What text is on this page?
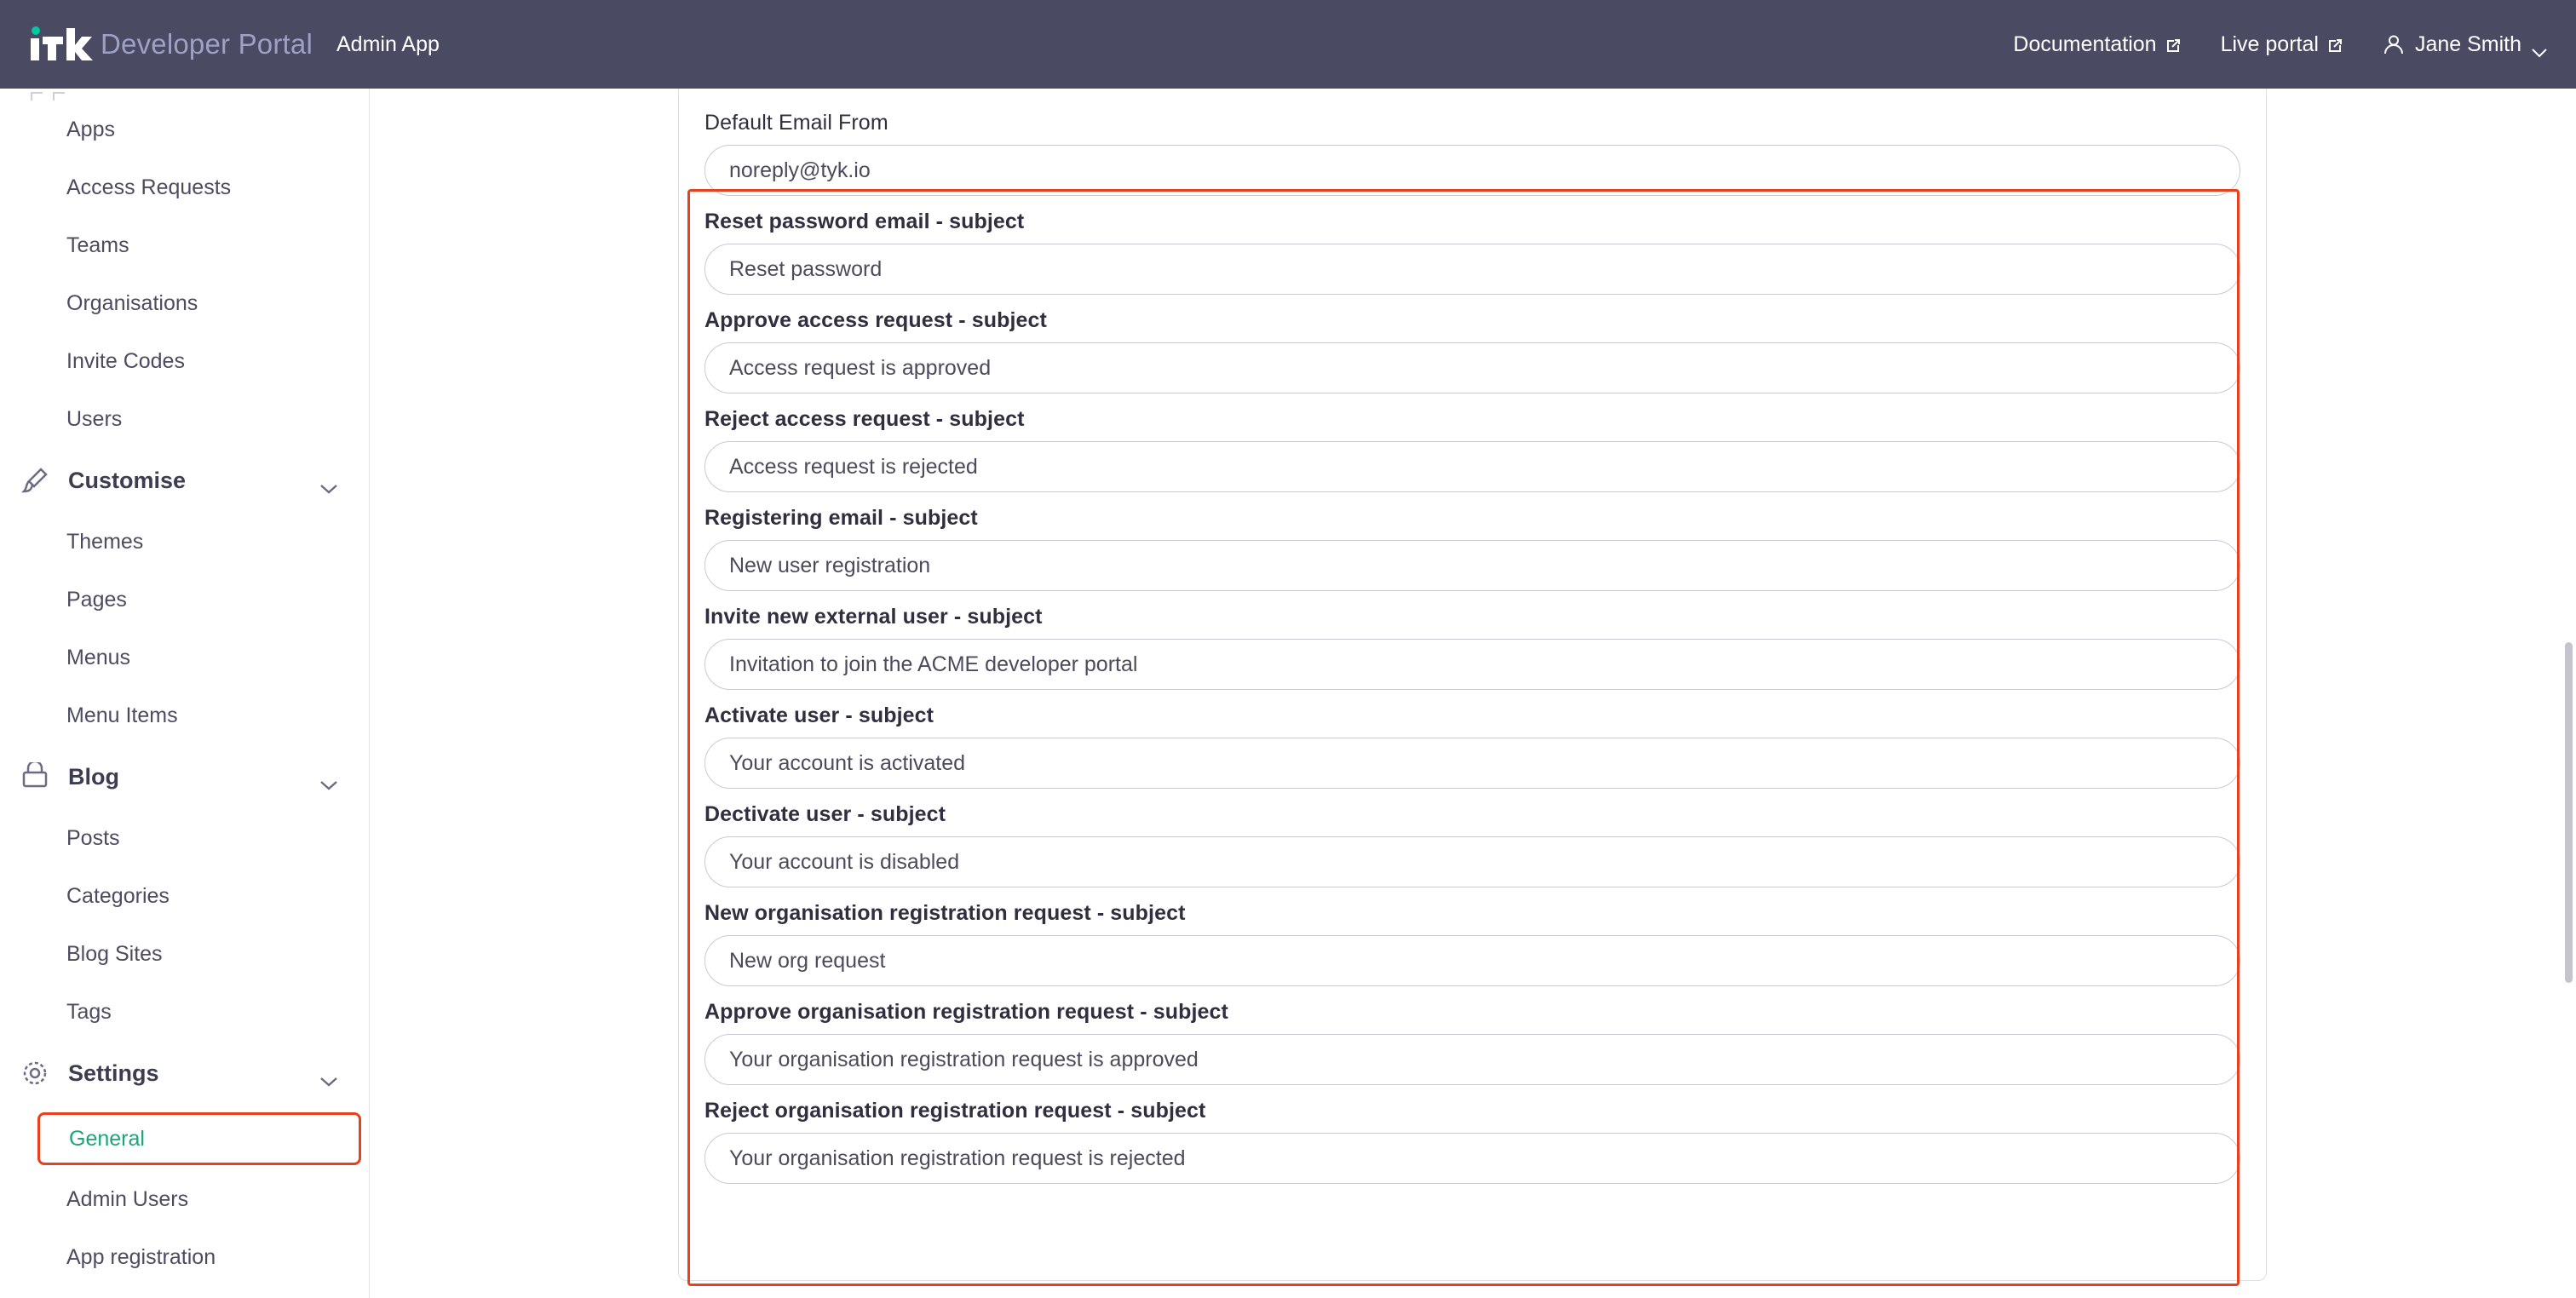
Developer Portal Admin App	Documentation	Live portal	Jane Smith
Apps
Access Requests
Teams
Organisations
Invite Codes
Users
Customise
Themes
Pages
Menus
Menu Items
Blog
Posts
Categories
Blog Sites
Tags
Settings
General
Admin Users
App registration
Default Email From
noreply@tyk.io
Reset password email - subject
Reset password
Approve access request - subject
Access request is approved
Reject access request - subject
Access request is rejected
Registering email - subject
New user registration
Invite new external user - subject
Invitation to join the ACME developer portal
Activate user - subject
Your account is activated
Dectivate user - subject
Your account is disabled
New organisation registration request - subject
New org request
Approve organisation registration request - subject
Your organisation registration request is approved
Reject organisation registration request - subject
Your organisation registration request is rejected
